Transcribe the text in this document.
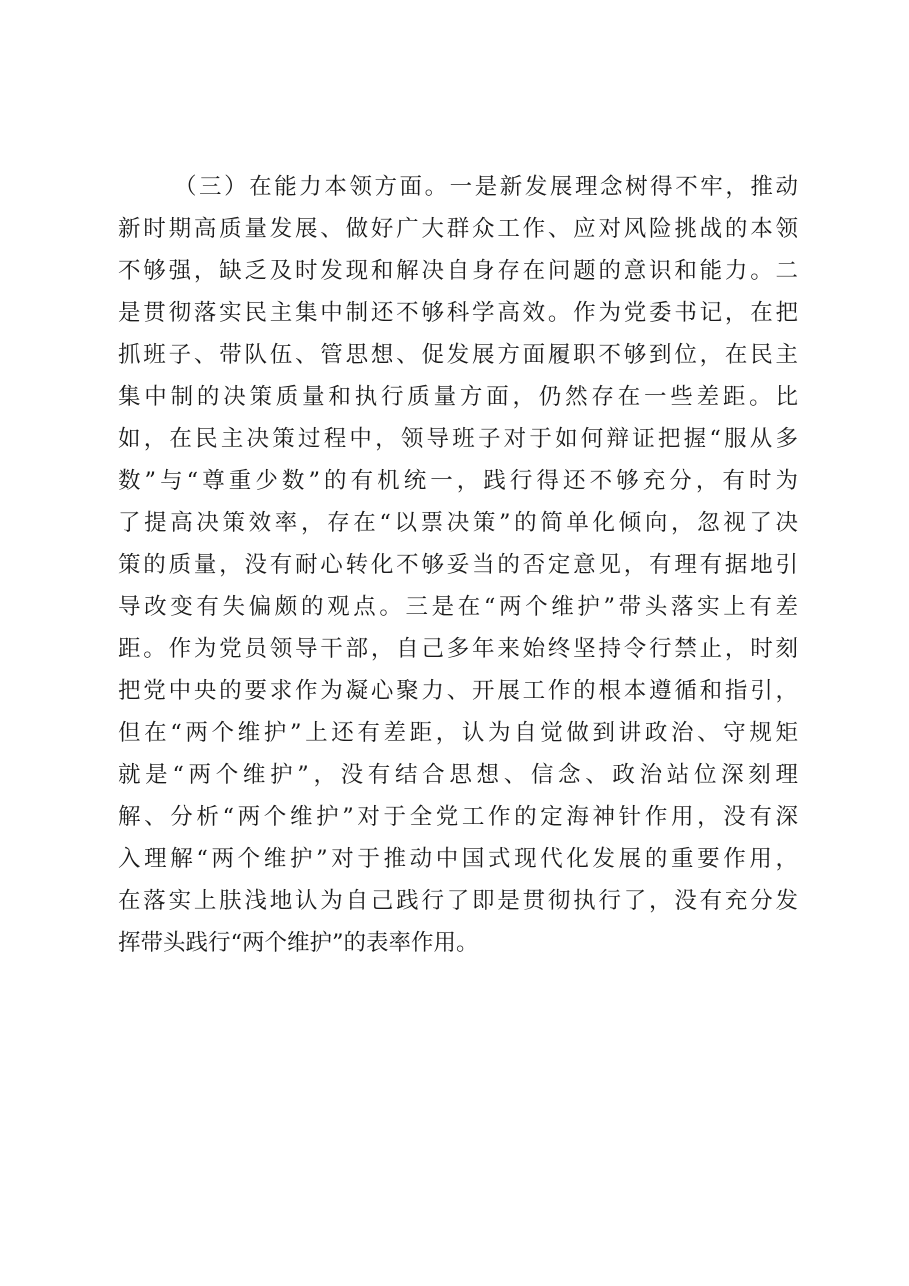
（三）在能力本领方面。一是新发展理念树得不牢，推动
新时期高质量发展、做好广大群众工作、应对风险挑战的本领
不够强，缺乏及时发现和解决自身存在问题的意识和能力。二
是贯彻落实民主集中制还不够科学高效。作为党委书记，在把
抓班子、带队伍、管思想、促发展方面履职不够到位，在民主
集中制的决策质量和执行质量方面，仍然存在一些差距。比
如，在民主决策过程中，领导班子对于如何辩证把握“服从多
数”与“尊重少数”的有机统一，践行得还不够充分，有时为
了提高决策效率，存在“以票决策”的简单化倾向，忽视了决
策的质量，没有耐心转化不够妥当的否定意见，有理有据地引
导改变有失偏颇的观点。三是在“两个维护”带头落实上有差
距。作为党员领导干部，自己多年来始终坚持令行禁止，时刻
把党中央的要求作为凝心聚力、开展工作的根本遵循和指引，
但在“两个维护”上还有差距，认为自觉做到讲政治、守规矩
就是“两个维护”，没有结合思想、信念、政治站位深刻理
解、分析“两个维护”对于全党工作的定海神针作用，没有深
入理解“两个维护”对于推动中国式现代化发展的重要作用，
在落实上肤浅地认为自己践行了即是贯彻执行了，没有充分发
挥带头践行“两个维护”的表率作用。
